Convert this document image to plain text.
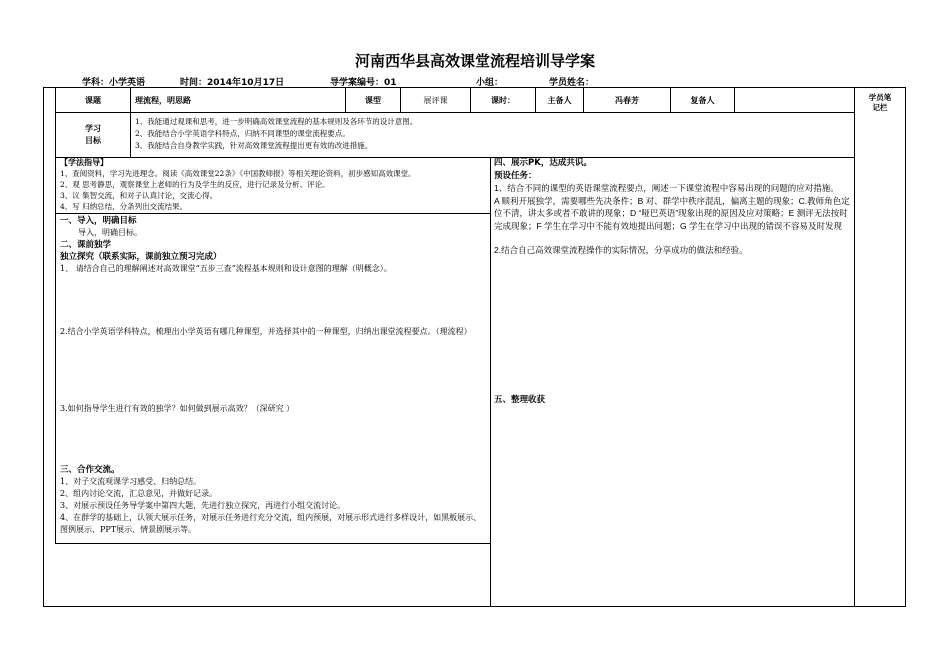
河南西华县高效课堂流程培训导学案
学科：小学英语	时间：2014年10月17日	导学案编号：01	小组：	学员姓名：
学员笔
记栏
课题	理流程，明思路	课型	展评课	课时：	主备人	冯春芳	复备人
学习
目标
1、我能通过观课和思考，进一步明确高效课堂流程的基本规则及各环节的设计意图。
2、我能结合小学英语学科特点，归纳不同课型的课堂流程要点。
3、我能结合自身教学实践，针对高效课堂流程提出更有效的改进措施。
【学法指导】
1、查阅资料，学习先进理念。阅读《高效课堂22条》《中国教师报》等相关理论资料，初步感知高效课堂。
2、观 思考静思，观察课堂上老师的行为及学生的反应，进行记录及分析、评论。
3、议 集智交流，和对子认真讨论，交流心得。
4、写 归纳总结，分条列出交流结果。
一、导入，明确目标
导入，明确目标。
二、课前独学
独立探究（联系实际，课前独立预习完成）
1、 请结合自己的理解阐述对高效课堂“五步三查”流程基本规则和设计意图的理解（明概念）。
2.结合小学英语学科特点，梳理出小学英语有哪几种课型，并选择其中的一种课型，归纳出课堂流程要点。（理流程）
3.如何指导学生进行有效的独学？如何做到展示高效？（深研究 ）
三、合作交流。
1、对子交流观课学习感受、归纳总结。
2、组内讨论交流，汇总意见，并做好记录。
3、对展示预设任务导学案中第四大题，先进行独立探究，再进行小组交流讨论。
4、在群学的基础上，认领大展示任务，对展示任务进行充分交流，组内预展，对展示形式进行多样设计，如黑板展示、图例展示、PPT展示、情景剧展示等。
四、展示PK，达成共识。
预设任务：
1、结合不同的课型的英语课堂流程要点，阐述一下课堂流程中容易出现的问题的应对措施。
A 顺利开展独学，需要哪些先决条件；B 对、群学中秩序混乱，偏离主题的现象；C.教师角色定位不清，讲太多或者不敢讲的现象；D “哑巴英语”现象出现的原因及应对策略；E 测评无法按时完成现象；F 学生在学习中不能有效地提出问题；G 学生在学习中出现的错误不容易及时发现
2.结合自己高效课堂流程操作的实际情况，分享成功的做法和经验。
五、整理收获
